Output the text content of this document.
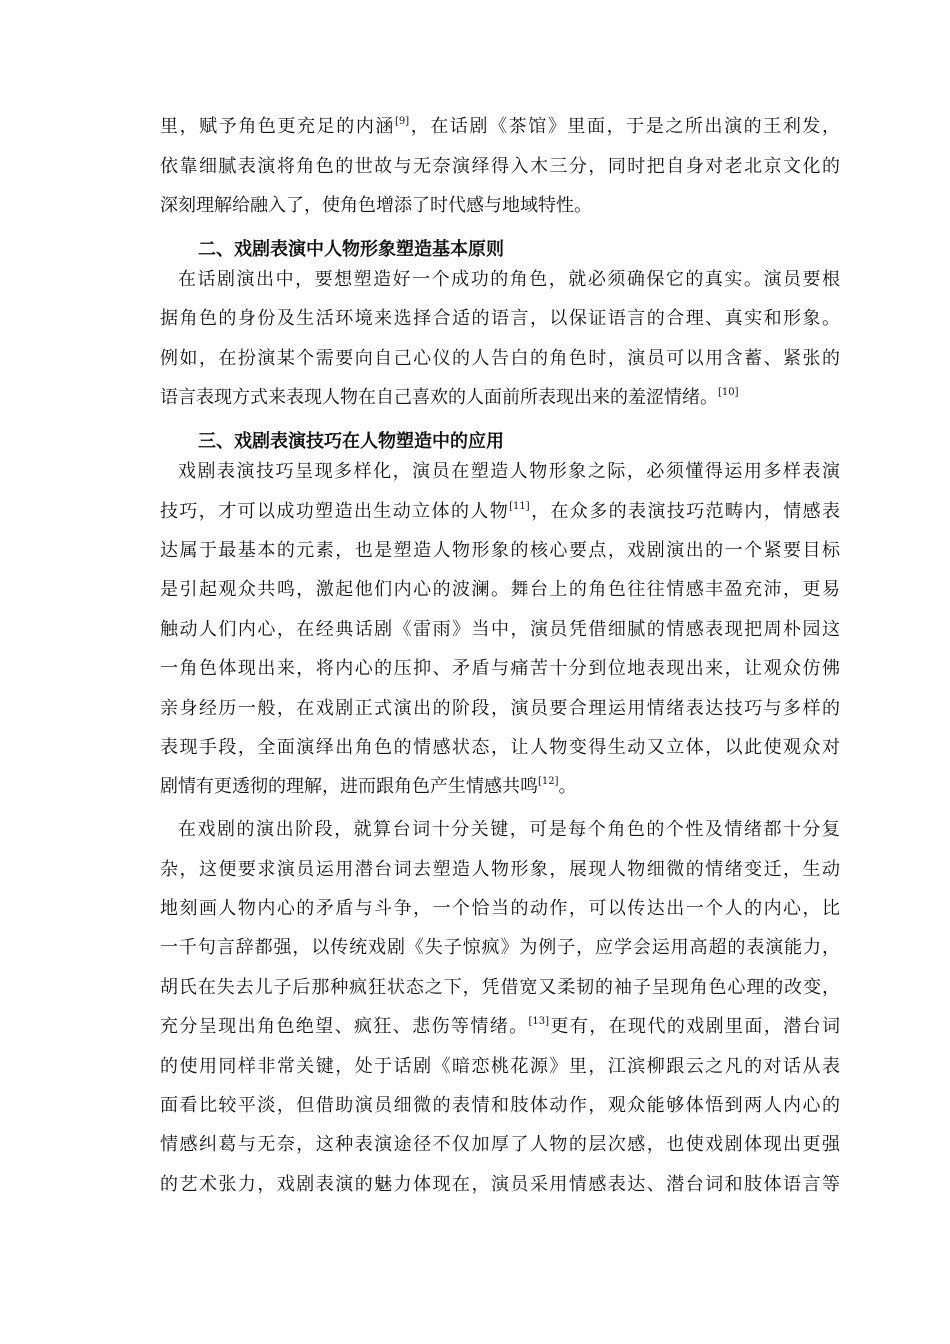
里，赋予角色更充足的内涵[9]，在话剧《茶馆》里面，于是之所出演的王利发，
依靠细腻表演将角色的世故与无奈演绎得入木三分，同时把自身对老北京文化的
深刻理解给融入了，使角色增添了时代感与地域特性。
二、戏剧表演中人物形象塑造基本原则
在话剧演出中，要想塑造好一个成功的角色，就必须确保它的真实。演员要根
据角色的身份及生活环境来选择合适的语言，以保证语言的合理、真实和形象。
例如，在扮演某个需要向自己心仪的人告白的角色时，演员可以用含蓄、紧张的
语言表现方式来表现人物在自己喜欢的人面前所表现出来的羞涩情绪。[10]
三、戏剧表演技巧在人物塑造中的应用
戏剧表演技巧呈现多样化，演员在塑造人物形象之际，必须懂得运用多样表演
技巧，才可以成功塑造出生动立体的人物[11]，在众多的表演技巧范畴内，情感表
达属于最基本的元素，也是塑造人物形象的核心要点，戏剧演出的一个紧要目标
是引起观众共鸣，激起他们内心的波澜。舞台上的角色往往情感丰盈充沛，更易
触动人们内心，在经典话剧《雷雨》当中，演员凭借细腻的情感表现把周朴园这
一角色体现出来，将内心的压抑、矛盾与痛苦十分到位地表现出来，让观众仿佛
亲身经历一般，在戏剧正式演出的阶段，演员要合理运用情绪表达技巧与多样的
表现手段，全面演绎出角色的情感状态，让人物变得生动又立体，以此使观众对
剧情有更透彻的理解，进而跟角色产生情感共鸣[12]。
在戏剧的演出阶段，就算台词十分关键，可是每个角色的个性及情绪都十分复
杂，这便要求演员运用潜台词去塑造人物形象，展现人物细微的情绪变迁，生动
地刻画人物内心的矛盾与斗争，一个恰当的动作，可以传达出一个人的内心，比
一千句言辞都强，以传统戏剧《失子惊疯》为例子，应学会运用高超的表演能力，
胡氏在失去儿子后那种疯狂状态之下，凭借宽又柔韧的袖子呈现角色心理的改变，
充分呈现出角色绝望、疯狂、悲伤等情绪。[13]更有，在现代的戏剧里面，潜台词
的使用同样非常关键，处于话剧《暗恋桃花源》里，江滨柳跟云之凡的对话从表
面看比较平淡，但借助演员细微的表情和肢体动作，观众能够体悟到两人内心的
情感纠葛与无奈，这种表演途径不仅加厚了人物的层次感，也使戏剧体现出更强
的艺术张力，戏剧表演的魅力体现在，演员采用情感表达、潜台词和肢体语言等
